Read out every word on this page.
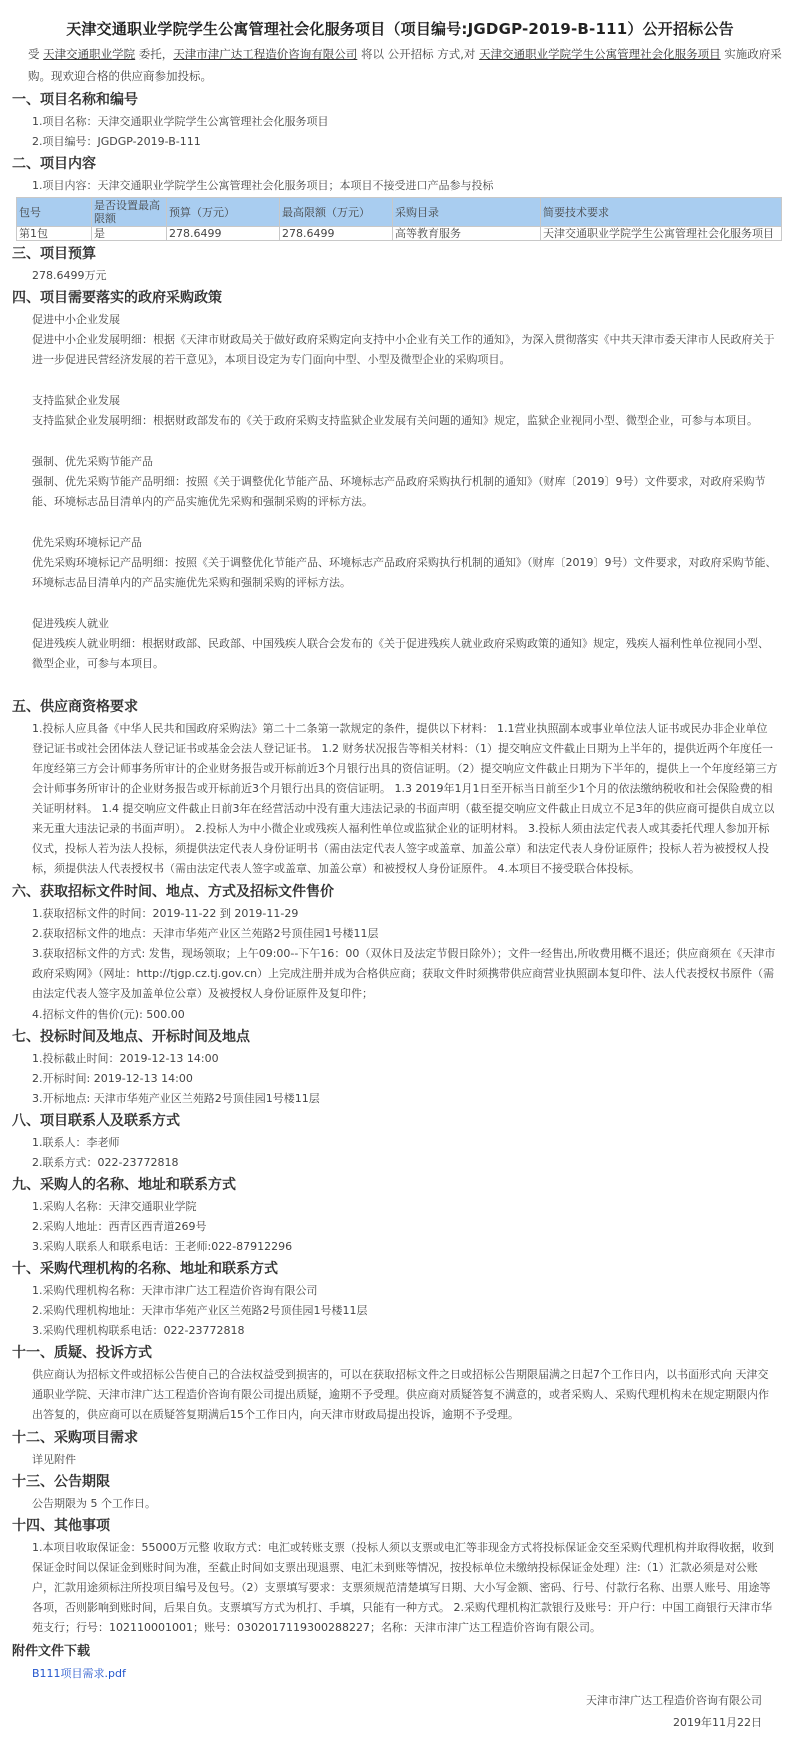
天津交通职业学院学生公寓管理社会化服务项目（项目编号:JGDGP-2019-B-111）公开招标公告
受 天津交通职业学院 委托，天津市津广达工程造价咨询有限公司 将以 公开招标 方式,对 天津交通职业学院学生公寓管理社会化服务项目 实施政府采购。现欢迎合格的供应商参加投标。
一、项目名称和编号
1.项目名称：天津交通职业学院学生公寓管理社会化服务项目
2.项目编号：JGDGP-2019-B-111
二、项目内容
1.项目内容：天津交通职业学院学生公寓管理社会化服务项目；本项目不接受进口产品参与投标
包号	是否设置最高限额	预算（万元）	最高限额（万元）	采购目录	简要技术要求
第1包	是	278.6499	278.6499	高等教育服务	天津交通职业学院学生公寓管理社会化服务项目
三、项目预算
278.6499万元
四、项目需要落实的政府采购政策
促进中小企业发展

促进中小企业发展明细：根据《天津市财政局关于做好政府采购定向支持中小企业有关工作的通知》，为深入贯彻落实《中共天津市委天津市人民政府关于进一步促进民营经济发展的若干意见》，本项目设定为专门面向中型、小型及微型企业的采购项目。

支持监狱企业发展

支持监狱企业发展明细：根据财政部发布的《关于政府采购支持监狱企业发展有关问题的通知》规定，监狱企业视同小型、微型企业，可参与本项目。

强制、优先采购节能产品

强制、优先采购节能产品明细：按照《关于调整优化节能产品、环境标志产品政府采购执行机制的通知》（财库〔2019〕9号）文件要求，对政府采购节能、环境标志品目清单内的产品实施优先采购和强制采购的评标方法。

优先采购环境标记产品

优先采购环境标记产品明细：按照《关于调整优化节能产品、环境标志产品政府采购执行机制的通知》（财库〔2019〕9号）文件要求，对政府采购节能、环境标志品目清单内的产品实施优先采购和强制采购的评标方法。

促进残疾人就业

促进残疾人就业明细：根据财政部、民政部、中国残疾人联合会发布的《关于促进残疾人就业政府采购政策的通知》规定，残疾人福利性单位视同小型、微型企业，可参与本项目。

五、供应商资格要求

1.投标人应具备《中华人民共和国政府采购法》第二十二条第一款规定的条件，提供以下材料： 1.1营业执照副本或事业单位法人证书或民办非企业单位登记证书或社会团体法人登记证书或基金会法人登记证书。 1.2 财务状况报告等相关材料：（1）提交响应文件截止日期为上半年的，提供近两个年度任一年度经第三方会计师事务所审计的企业财务报告或开标前近3个月银行出具的资信证明。（2）提交响应文件截止日期为下半年的，提供上一个年度经第三方会计师事务所审计的企业财务报告或开标前近3个月银行出具的资信证明。 1.3 2019年1月1日至开标当日前至少1个月的依法缴纳税收和社会保险费的相关证明材料。 1.4 提交响应文件截止日前3年在经营活动中没有重大违法记录的书面声明（截至提交响应文件截止日成立不足3年的供应商可提供自成立以来无重大违法记录的书面声明）。 2.投标人为中小微企业或残疾人福利性单位或监狱企业的证明材料。 3.投标人须由法定代表人或其委托代理人参加开标仪式，投标人若为法人投标，须提供法定代表人身份证明书（需由法定代表人签字或盖章、加盖公章）和法定代表人身份证原件；投标人若为被授权人投标，须提供法人代表授权书（需由法定代表人签字或盖章、加盖公章）和被授权人身份证原件。 4.本项目不接受联合体投标。

六、获取招标文件时间、地点、方式及招标文件售价
1.获取招标文件的时间：2019-11-22 到 2019-11-29
2.获取招标文件的地点：天津市华苑产业区兰苑路2号顶佳园1号楼11层

3.获取招标文件的方式: 发售，现场领取；上午09:00--下午16：00（双休日及法定节假日除外）；文件一经售出,所收费用概不退还；供应商须在《天津市政府采购网》（网址：http://tjgp.cz.tj.gov.cn）上完成注册并成为合格供应商；获取文件时须携带供应商营业执照副本复印件、法人代表授权书原件（需由法定代表人签字及加盖单位公章）及被授权人身份证原件及复印件；

4.招标文件的售价(元): 500.00
七、投标时间及地点、开标时间及地点
1.投标截止时间：2019-12-13 14:00
2.开标时间: 2019-12-13 14:00
3.开标地点: 天津市华苑产业区兰苑路2号顶佳园1号楼11层
八、项目联系人及联系方式
1.联系人：李老师
2.联系方式：022-23772818
九、采购人的名称、地址和联系方式
1.采购人名称：天津交通职业学院
2.采购人地址：西青区西青道269号
3.采购人联系人和联系电话：王老师:022-87912296
十、采购代理机构的名称、地址和联系方式
1.采购代理机构名称：天津市津广达工程造价咨询有限公司
2.采购代理机构地址：天津市华苑产业区兰苑路2号顶佳园1号楼11层
3.采购代理机构联系电话：022-23772818
十一、质疑、投诉方式

供应商认为招标文件或招标公告使自己的合法权益受到损害的，可以在获取招标文件之日或招标公告期限届满之日起7个工作日内，以书面形式向 天津交通职业学院、天津市津广达工程造价咨询有限公司提出质疑，逾期不予受理。供应商对质疑答复不满意的，或者采购人、采购代理机构未在规定期限内作出答复的，供应商可以在质疑答复期满后15个工作日内，向天津市财政局提出投诉，逾期不予受理。

十二、采购项目需求
详见附件
十三、公告期限
公告期限为 5 个工作日。
十四、其他事项

1.本项目收取保证金：55000万元整 收取方式：电汇或转账支票（投标人须以支票或电汇等非现金方式将投标保证金交至采购代理机构并取得收据，收到保证金时间以保证金到账时间为准，至截止时间如支票出现退票、电汇未到账等情况，按投标单位未缴纳投标保证金处理）注:（1）汇款必须是对公账户，汇款用途须标注所投项目编号及包号。（2）支票填写要求：支票须规范清楚填写日期、大小写金额、密码、行号、付款行名称、出票人账号、用途等各项，否则影响到账时间，后果自负。支票填写方式为机打、手填，只能有一种方式。 2.采购代理机构汇款银行及账号：开户行：中国工商银行天津市华苑支行；行号：102110001001；账号：0302017119300288227；名称：天津市津广达工程造价咨询有限公司。

附件文件下载
B111项目需求.pdf
天津市津广达工程造价咨询有限公司
2019年11月22日
